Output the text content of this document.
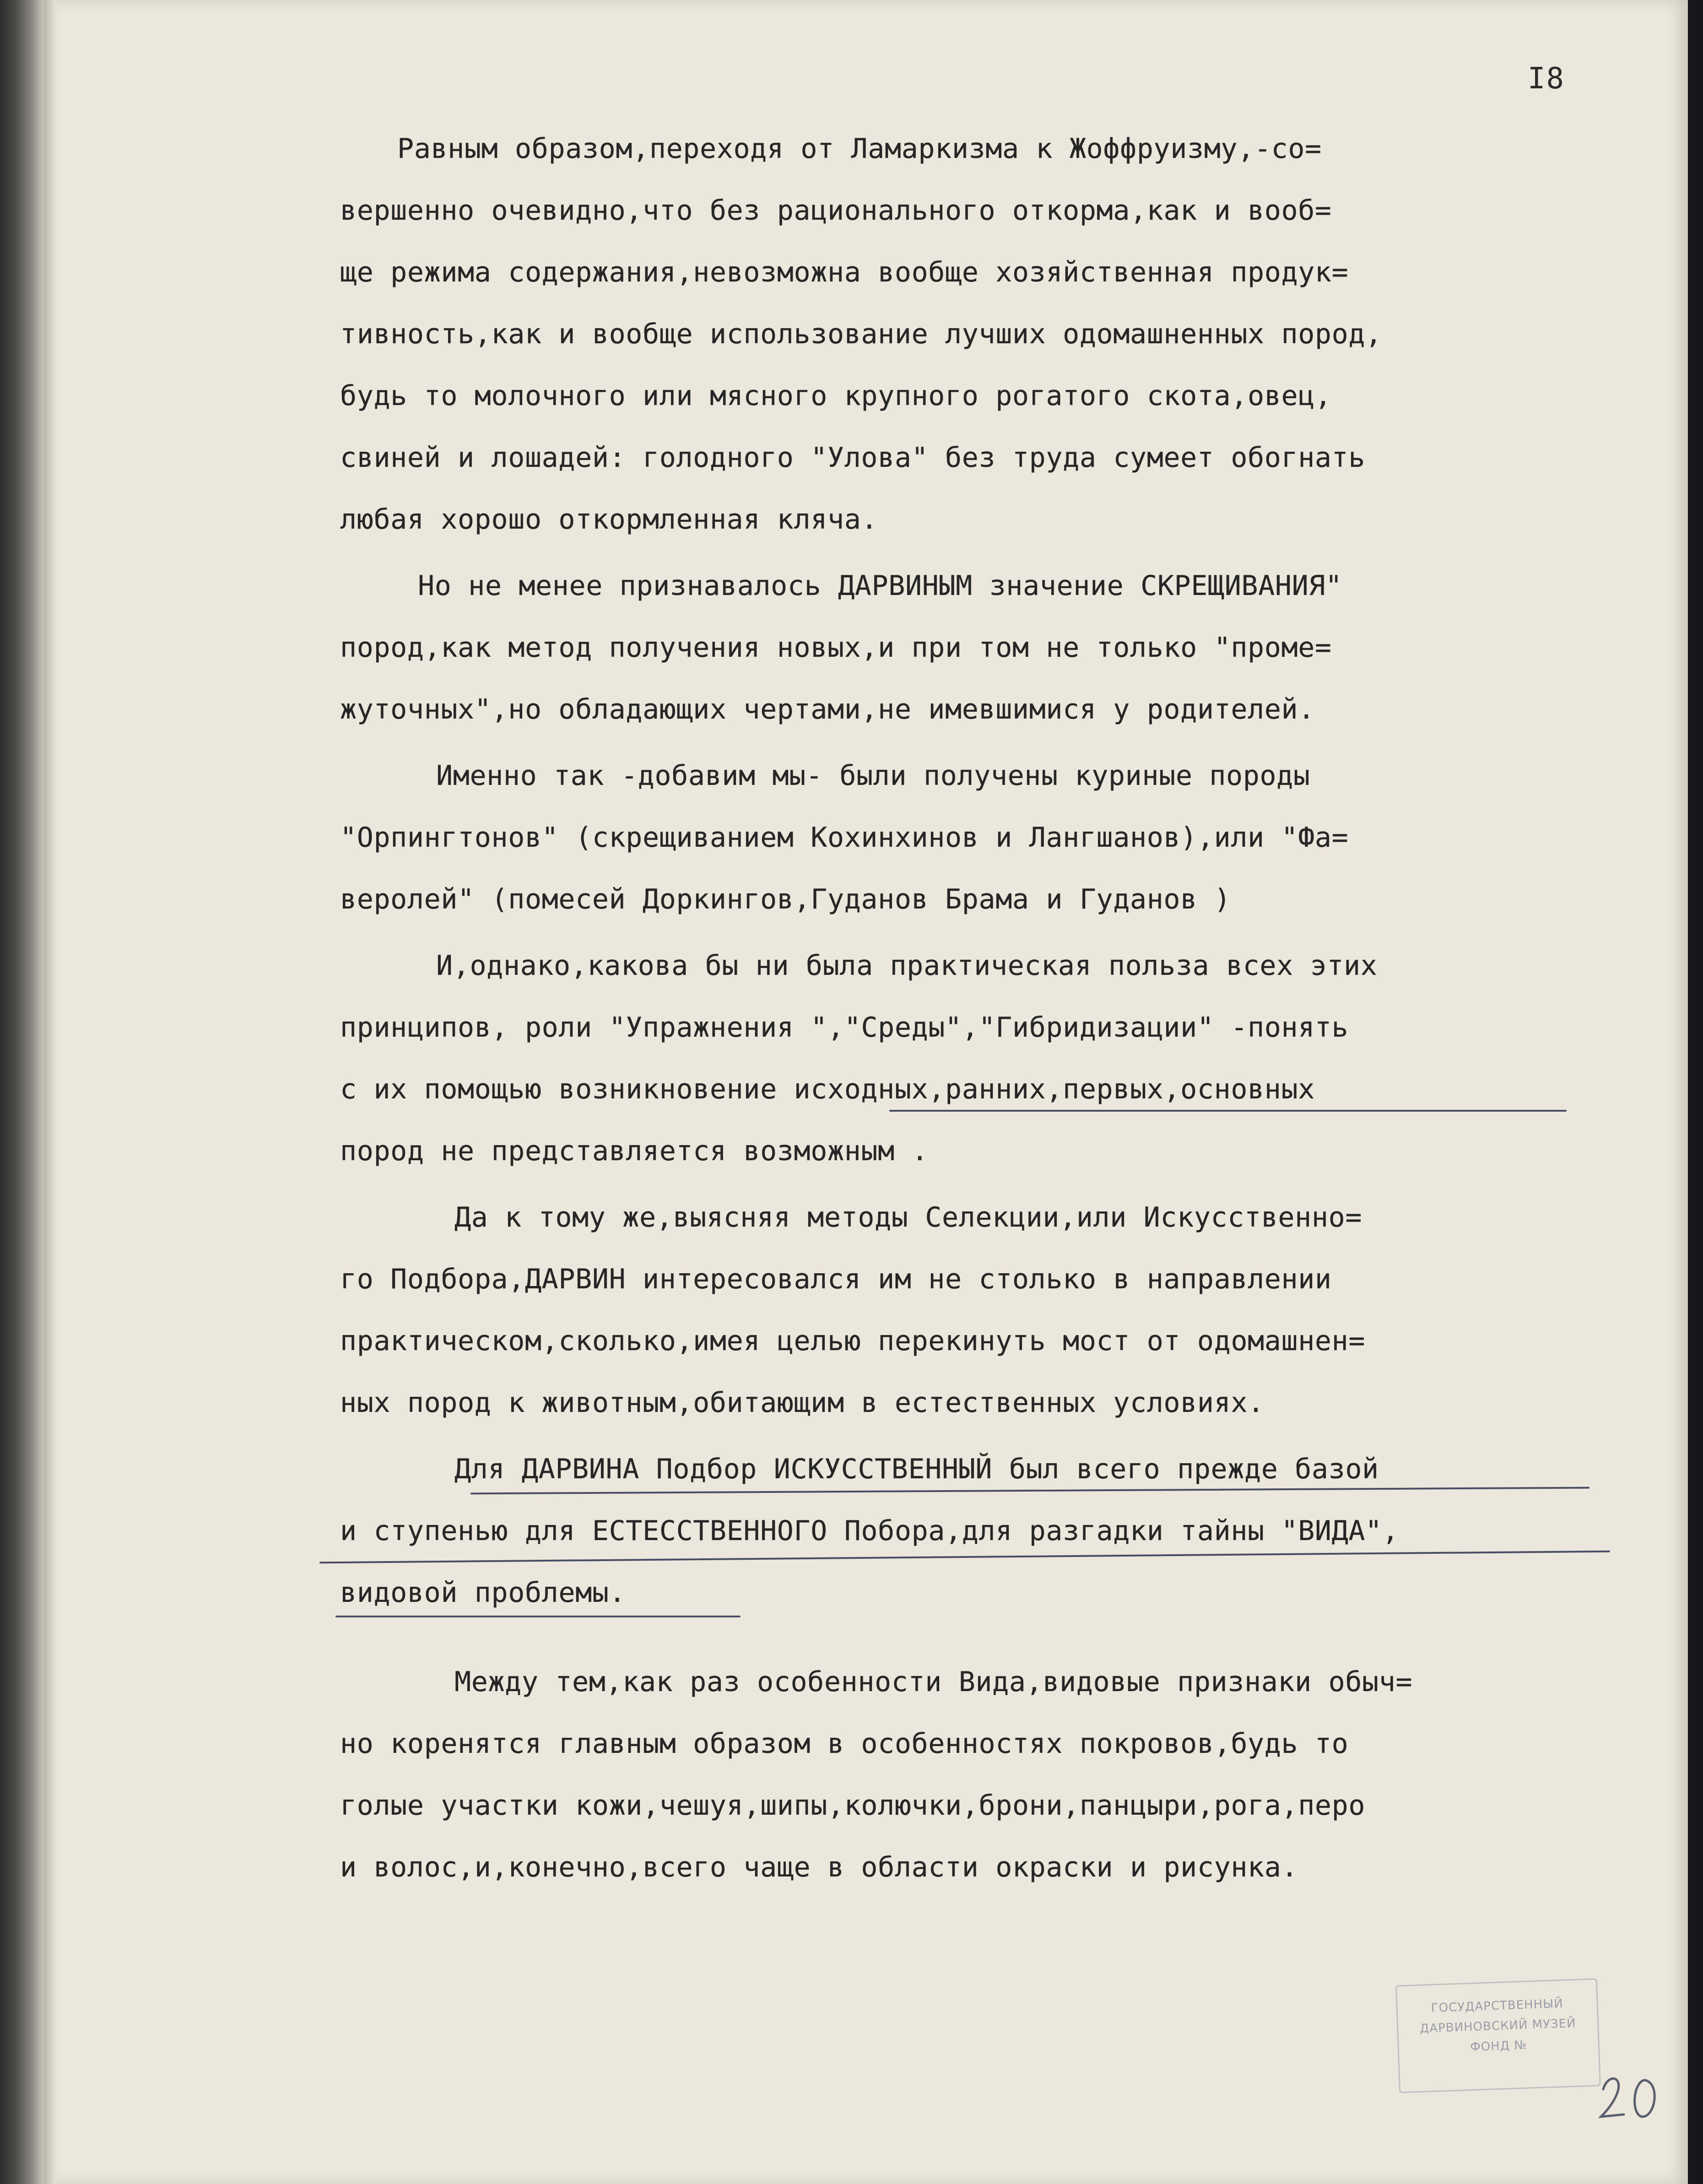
I8
Равным образом,переходя от Ламаркизма к Жоффруизму,-со=
вершенно очевидно,что без рационального откорма,как и вооб=
ще режима содержания,невозможна вообще хозяйственная продук=
тивность,как и вообще использование лучших одомашненных пород,
будь то молочного или мясного крупного рогатого скота,овец,
свиней и лошадей: голодного "Улова" без труда сумеет обогнать
любая хорошо откормленная кляча.
Но не менее признавалось ДАРВИНЫМ значение СКРЕЩИВАНИЯ"
пород,как метод получения новых,и при том не только "проме=
жуточных",но обладающих чертами,не имевшимися у родителей.
Именно так -добавим мы- были получены куриные породы
"Орпингтонов" (скрещиванием Кохинхинов и Лангшанов),или "Фа=
веролей" (помесей Доркингов,Гуданов Брама и Гуданов )
И,однако,какова бы ни была практическая польза всех этих
принципов, роли "Упражнения ","Среды","Гибридизации" -понять
с их помощью возникновение исходных,ранних,первых,основных
пород не представляется возможным .
Да к тому же,выясняя методы Селекции,или Искусственно=
го Подбора,ДАРВИН интересовался им не столько в направлении
практическом,сколько,имея целью перекинуть мост от одомашнен=
ных пород к животным,обитающим в естественных условиях.
Для ДАРВИНА Подбор ИСКУССТВЕННЫЙ был всего прежде базой
и ступенью для ЕСТЕССТВЕННОГО Побора,для разгадки тайны "ВИДА",
видовой проблемы.
Между тем,как раз особенности Вида,видовые признаки обыч=
но коренятся главным образом в особенностях покровов,будь то
голые участки кожи,чешуя,шипы,колючки,брони,панцыри,рога,перо
и волос,и,конечно,всего чаще в области окраски и рисунка.
ГОСУДАРСТВЕННЫЙ
ДАРВИНОВСКИЙ МУЗЕЙ
ФОНД №
